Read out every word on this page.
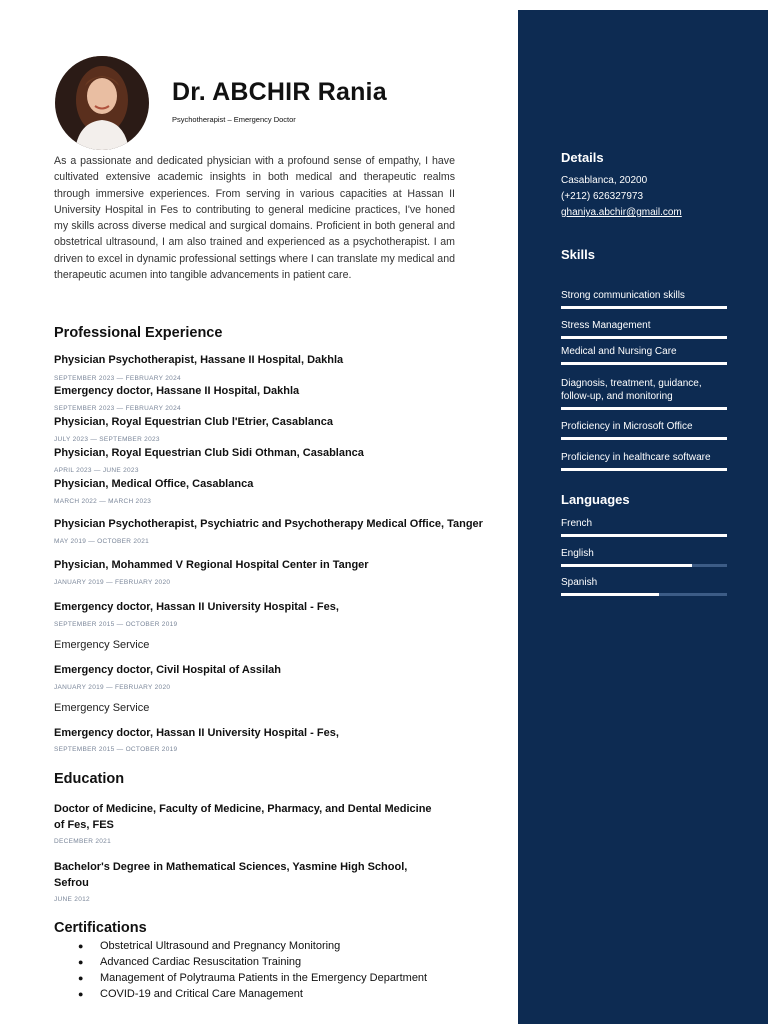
Dr. ABCHIR Rania
Psychotherapist – Emergency Doctor
As a passionate and dedicated physician with a profound sense of empathy, I have cultivated extensive academic insights in both medical and therapeutic realms through immersive experiences. From serving in various capacities at Hassan II University Hospital in Fes to contributing to general medicine practices, I've honed my skills across diverse medical and surgical domains. Proficient in both general and obstetrical ultrasound, I am also trained and experienced as a psychotherapist. I am driven to excel in dynamic professional settings where I can translate my medical and therapeutic acumen into tangible advancements in patient care.
Professional Experience
Physician Psychotherapist, Hassane II Hospital, Dakhla
SEPTEMBER 2023 — FEBRUARY 2024
Emergency doctor, Hassane II Hospital, Dakhla
SEPTEMBER 2023 — FEBRUARY 2024
Physician, Royal Equestrian Club l'Etrier, Casablanca
JULY 2023 — SEPTEMBER 2023
Physician, Royal Equestrian Club Sidi Othman, Casablanca
APRIL 2023 — JUNE 2023
Physician, Medical Office, Casablanca
MARCH 2022 — MARCH 2023
Physician Psychotherapist, Psychiatric and Psychotherapy Medical Office, Tanger
MAY 2019 — OCTOBER 2021
Physician, Mohammed V Regional Hospital Center in Tanger
JANUARY 2019 — FEBRUARY 2020
Emergency doctor, Hassan II University Hospital - Fes,
SEPTEMBER 2015 — OCTOBER 2019
Emergency Service
Emergency doctor, Civil Hospital of Assilah
JANUARY 2019 — FEBRUARY 2020
Emergency Service
Emergency doctor, Hassan II University Hospital - Fes,
SEPTEMBER 2015 — OCTOBER 2019
Education
Doctor of Medicine, Faculty of Medicine, Pharmacy, and Dental Medicine of Fes, FES
DECEMBER 2021
Bachelor's Degree in Mathematical Sciences, Yasmine High School, Sefrou
JUNE 2012
Certifications
● Obstetrical Ultrasound and Pregnancy Monitoring
● Advanced Cardiac Resuscitation Training
● Management of Polytrauma Patients in the Emergency Department
● COVID-19 and Critical Care Management
Details
Casablanca, 20200
(+212) 626327973
ghaniya.abchir@gmail.com
Skills
Strong communication skills
Stress Management
Medical and Nursing Care
Diagnosis, treatment, guidance, follow-up, and monitoring
Proficiency in Microsoft Office
Proficiency in healthcare software
Languages
French
English
Spanish
